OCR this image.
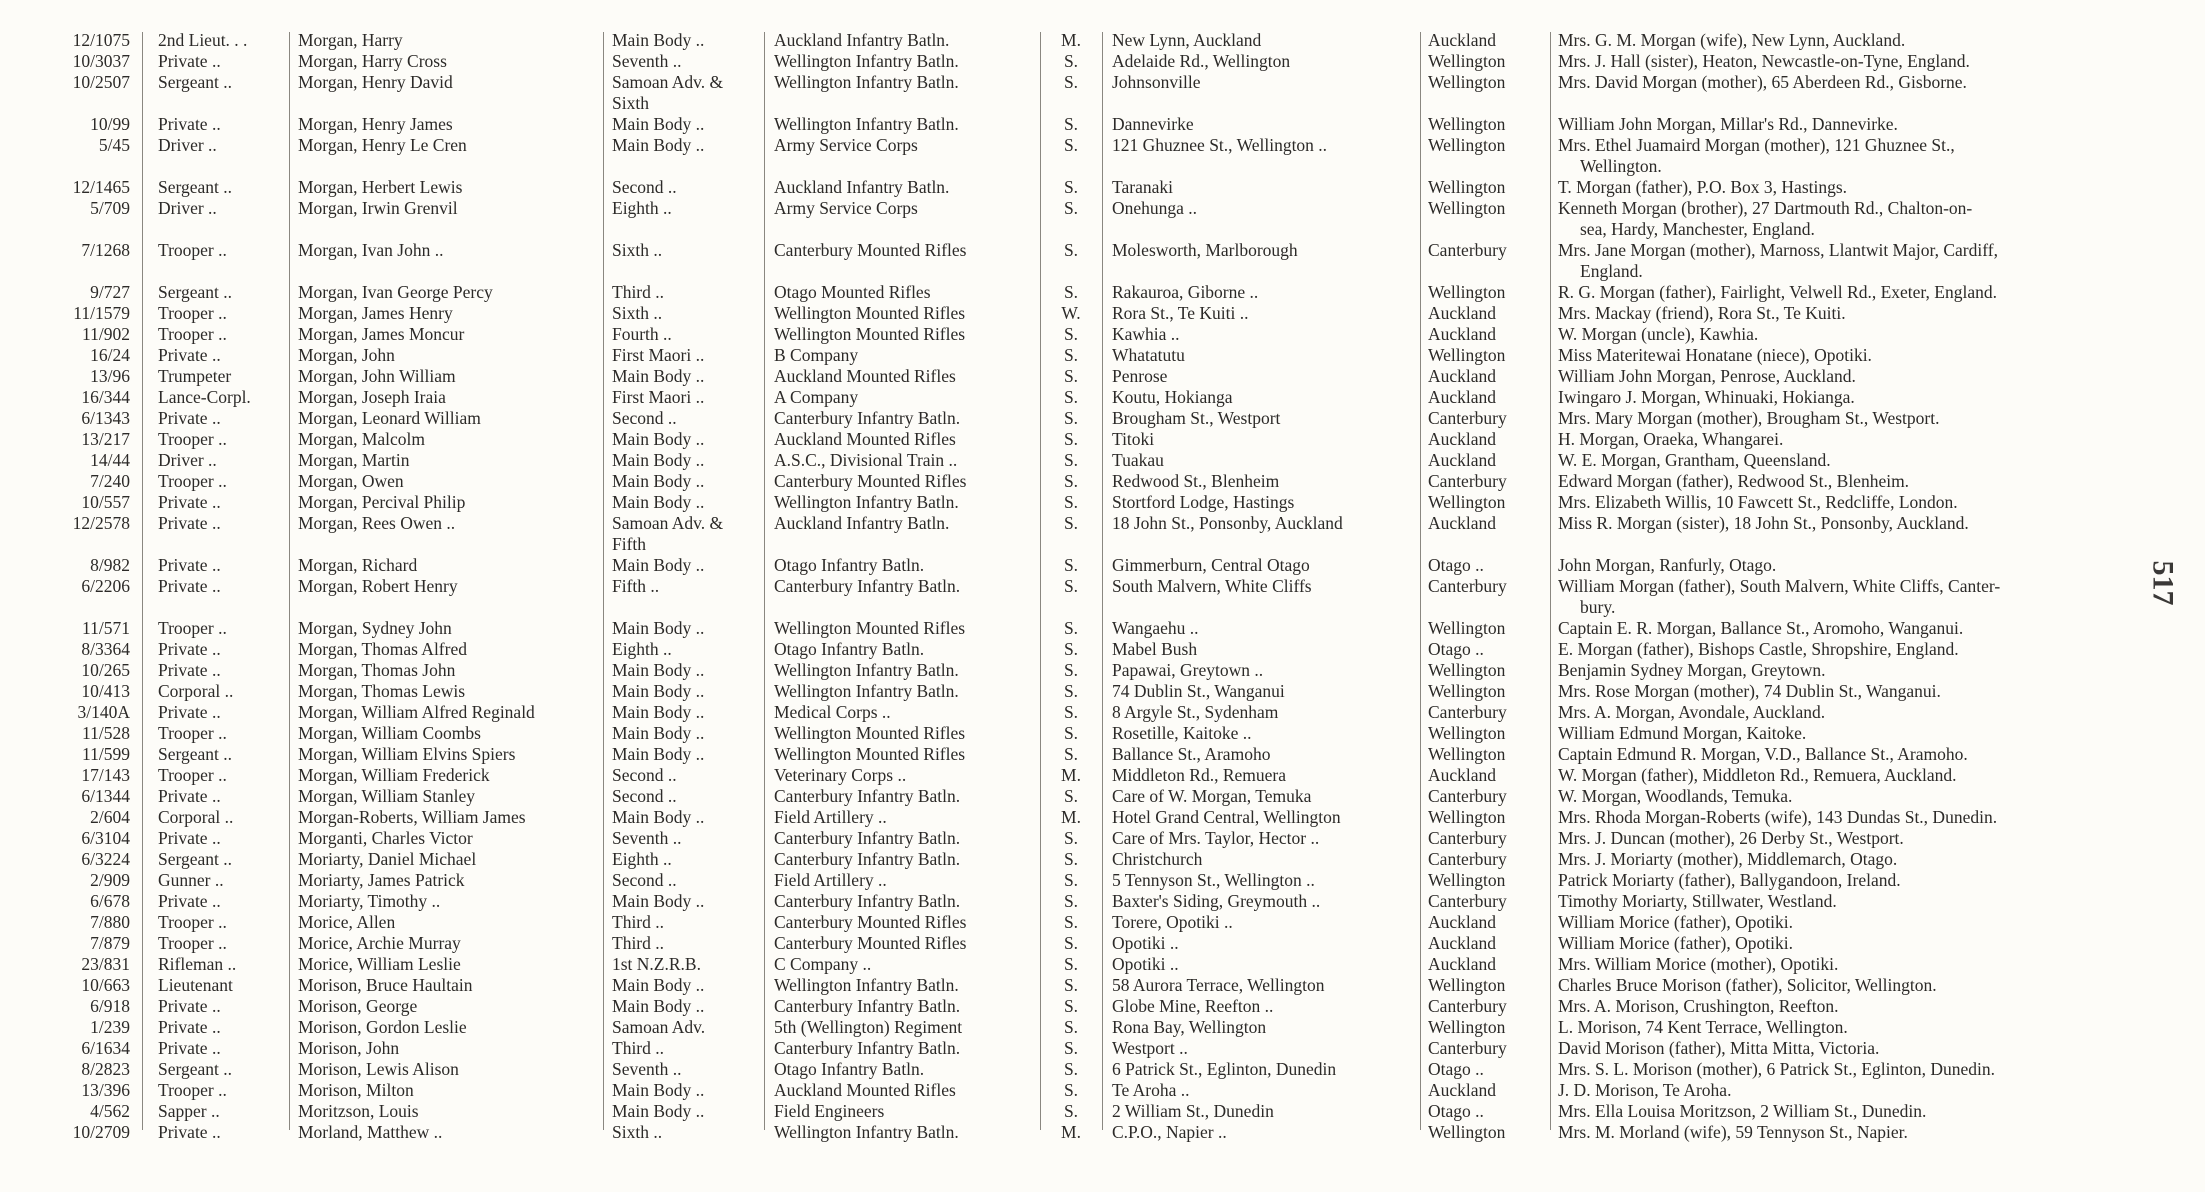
12/1075 2nd Lieut. . .	Morgan, Harry	Main Body ..	Auckland Infantry Batln.	M.	New Lynn, Auckland	Auckland	Mrs. G. M. Morgan (wife), New Lynn, Auckland.
10/3037 Private ..	Morgan, Harry Cross	Seventh ..	Wellington Infantry Batln.	S.	Adelaide Rd., Wellington	Wellington	Mrs. J. Hall (sister), Heaton, Newcastle-on-Tyne, England.
10/2507 Sergeant ..	Morgan, Henry David	Samoan Adv. &	Wellington Infantry Batln.	S.	Johnsonville	Wellington	Mrs. David Morgan (mother), 65 Aberdeen Rd., Gisborne.
Sixth
10/99 Private ..	Morgan, Henry James	Main Body ..	Wellington Infantry Batln.	S.	Dannevirke	Wellington	William John Morgan, Millar's Rd., Dannevirke.
5/45 Driver ..	Morgan, Henry Le Cren	Main Body ..	Army Service Corps	S.	121 Ghuznee St., Wellington ..	Wellington	Mrs. Ethel Juamaird Morgan (mother), 121 Ghuznee St.,
Wellington.
12/1465 Sergeant ..	Morgan, Herbert Lewis	Second ..	Auckland Infantry Batln.	S.	Taranaki	Wellington	T. Morgan (father), P.O. Box 3, Hastings.
5/709 Driver ..	Morgan, Irwin Grenvil	Eighth ..	Army Service Corps	S.	Onehunga ..	Wellington	Kenneth Morgan (brother), 27 Dartmouth Rd., Chalton-on-
sea, Hardy, Manchester, England.
7/1268 Trooper ..	Morgan, Ivan John ..	Sixth ..	Canterbury Mounted Rifles	S.	Molesworth, Marlborough	Canterbury	Mrs. Jane Morgan (mother), Marnoss, Llantwit Major, Cardiff,
England.
9/727 Sergeant ..	Morgan, Ivan George Percy	Third ..	Otago Mounted Rifles	S.	Rakauroa, Giborne ..	Wellington	R. G. Morgan (father), Fairlight, Velwell Rd., Exeter, England.
11/1579 Trooper ..	Morgan, James Henry	Sixth ..	Wellington Mounted Rifles	W.	Rora St., Te Kuiti ..	Auckland	Mrs. Mackay (friend), Rora St., Te Kuiti.
11/902 Trooper ..	Morgan, James Moncur	Fourth ..	Wellington Mounted Rifles	S.	Kawhia ..	Auckland	W. Morgan (uncle), Kawhia.
16/24 Private ..	Morgan, John	First Maori ..	B Company	S.	Whatatutu	Wellington	Miss Materitewai Honatane (niece), Opotiki.
13/96 Trumpeter	Morgan, John William	Main Body ..	Auckland Mounted Rifles	S.	Penrose	Auckland	William John Morgan, Penrose, Auckland.
16/344 Lance-Corpl.	Morgan, Joseph Iraia	First Maori ..	A Company	S.	Koutu, Hokianga	Auckland	Iwingaro J. Morgan, Whinuaki, Hokianga.
6/1343 Private ..	Morgan, Leonard William	Second ..	Canterbury Infantry Batln.	S.	Brougham St., Westport	Canterbury	Mrs. Mary Morgan (mother), Brougham St., Westport.
13/217 Trooper ..	Morgan, Malcolm	Main Body ..	Auckland Mounted Rifles	S.	Titoki	Auckland	H. Morgan, Oraeka, Whangarei.
14/44 Driver ..	Morgan, Martin	Main Body ..	A.S.C., Divisional Train ..	S.	Tuakau	Auckland	W. E. Morgan, Grantham, Queensland.
7/240 Trooper ..	Morgan, Owen	Main Body ..	Canterbury Mounted Rifles	S.	Redwood St., Blenheim	Canterbury	Edward Morgan (father), Redwood St., Blenheim.
10/557 Private ..	Morgan, Percival Philip	Main Body ..	Wellington Infantry Batln.	S.	Stortford Lodge, Hastings	Wellington	Mrs. Elizabeth Willis, 10 Fawcett St., Redcliffe, London.
12/2578 Private ..	Morgan, Rees Owen ..	Samoan Adv. &	Auckland Infantry Batln.	S.	18 John St., Ponsonby, Auckland	Auckland	Miss R. Morgan (sister), 18 John St., Ponsonby, Auckland.
Fifth
8/982 Private ..	Morgan, Richard	Main Body ..	Otago Infantry Batln.	S.	Gimmerburn, Central Otago	Otago ..	John Morgan, Ranfurly, Otago.
6/2206 Private ..	Morgan, Robert Henry	Fifth ..	Canterbury Infantry Batln.	S.	South Malvern, White Cliffs	Canterbury	William Morgan (father), South Malvern, White Cliffs, Canter-
bury.
11/571 Trooper ..	Morgan, Sydney John	Main Body ..	Wellington Mounted Rifles	S.	Wangaehu ..	Wellington	Captain E. R. Morgan, Ballance St., Aromoho, Wanganui.
8/3364 Private ..	Morgan, Thomas Alfred	Eighth ..	Otago Infantry Batln.	S.	Mabel Bush	Otago ..	E. Morgan (father), Bishops Castle, Shropshire, England.
10/265 Private ..	Morgan, Thomas John	Main Body ..	Wellington Infantry Batln.	S.	Papawai, Greytown ..	Wellington	Benjamin Sydney Morgan, Greytown.
10/413 Corporal ..	Morgan, Thomas Lewis	Main Body ..	Wellington Infantry Batln.	S.	74 Dublin St., Wanganui	Wellington	Mrs. Rose Morgan (mother), 74 Dublin St., Wanganui.
3/140A Private ..	Morgan, William Alfred Reginald	Main Body ..	Medical Corps ..	S.	8 Argyle St., Sydenham	Canterbury	Mrs. A. Morgan, Avondale, Auckland.
11/528 Trooper ..	Morgan, William Coombs	Main Body ..	Wellington Mounted Rifles	S.	Rosetille, Kaitoke ..	Wellington	William Edmund Morgan, Kaitoke.
11/599 Sergeant ..	Morgan, William Elvins Spiers	Main Body ..	Wellington Mounted Rifles	S.	Ballance St., Aramoho	Wellington	Captain Edmund R. Morgan, V.D., Ballance St., Aramoho.
17/143 Trooper ..	Morgan, William Frederick	Second ..	Veterinary Corps ..	M.	Middleton Rd., Remuera	Auckland	W. Morgan (father), Middleton Rd., Remuera, Auckland.
6/1344 Private ..	Morgan, William Stanley	Second ..	Canterbury Infantry Batln.	S.	Care of W. Morgan, Temuka	Canterbury	W. Morgan, Woodlands, Temuka.
2/604 Corporal ..	Morgan-Roberts, William James	Main Body ..	Field Artillery ..	M.	Hotel Grand Central, Wellington	Wellington	Mrs. Rhoda Morgan-Roberts (wife), 143 Dundas St., Dunedin.
6/3104 Private ..	Morganti, Charles Victor	Seventh ..	Canterbury Infantry Batln.	S.	Care of Mrs. Taylor, Hector ..	Canterbury	Mrs. J. Duncan (mother), 26 Derby St., Westport.
6/3224 Sergeant ..	Moriarty, Daniel Michael	Eighth ..	Canterbury Infantry Batln.	S.	Christchurch	Canterbury	Mrs. J. Moriarty (mother), Middlemarch, Otago.
2/909 Gunner ..	Moriarty, James Patrick	Second ..	Field Artillery ..	S.	5 Tennyson St., Wellington ..	Wellington	Patrick Moriarty (father), Ballygandoon, Ireland.
6/678 Private ..	Moriarty, Timothy ..	Main Body ..	Canterbury Infantry Batln.	S.	Baxter's Siding, Greymouth ..	Canterbury	Timothy Moriarty, Stillwater, Westland.
7/880 Trooper ..	Morice, Allen	Third ..	Canterbury Mounted Rifles	S.	Torere, Opotiki ..	Auckland	William Morice (father), Opotiki.
7/879 Trooper ..	Morice, Archie Murray	Third ..	Canterbury Mounted Rifles	S.	Opotiki ..	Auckland	William Morice (father), Opotiki.
23/831 Rifleman ..	Morice, William Leslie	1st N.Z.R.B.	C Company ..	S.	Opotiki ..	Auckland	Mrs. William Morice (mother), Opotiki.
10/663 Lieutenant	Morison, Bruce Haultain	Main Body ..	Wellington Infantry Batln.	S.	58 Aurora Terrace, Wellington	Wellington	Charles Bruce Morison (father), Solicitor, Wellington.
6/918 Private ..	Morison, George	Main Body ..	Canterbury Infantry Batln.	S.	Globe Mine, Reefton ..	Canterbury	Mrs. A. Morison, Crushington, Reefton.
1/239 Private ..	Morison, Gordon Leslie	Samoan Adv.	5th (Wellington) Regiment	S.	Rona Bay, Wellington	Wellington	L. Morison, 74 Kent Terrace, Wellington.
6/1634 Private ..	Morison, John	Third ..	Canterbury Infantry Batln.	S.	Westport ..	Canterbury	David Morison (father), Mitta Mitta, Victoria.
8/2823 Sergeant ..	Morison, Lewis Alison	Seventh ..	Otago Infantry Batln.	S.	6 Patrick St., Eglinton, Dunedin	Otago ..	Mrs. S. L. Morison (mother), 6 Patrick St., Eglinton, Dunedin.
13/396 Trooper ..	Morison, Milton	Main Body ..	Auckland Mounted Rifles	S.	Te Aroha ..	Auckland	J. D. Morison, Te Aroha.
4/562 Sapper ..	Moritzson, Louis	Main Body ..	Field Engineers	S.	2 William St., Dunedin	Otago ..	Mrs. Ella Louisa Moritzson, 2 William St., Dunedin.
10/2709 Private ..	Morland, Matthew ..	Sixth ..	Wellington Infantry Batln.	M.	C.P.O., Napier ..	Wellington	Mrs. M. Morland (wife), 59 Tennyson St., Napier.
517
